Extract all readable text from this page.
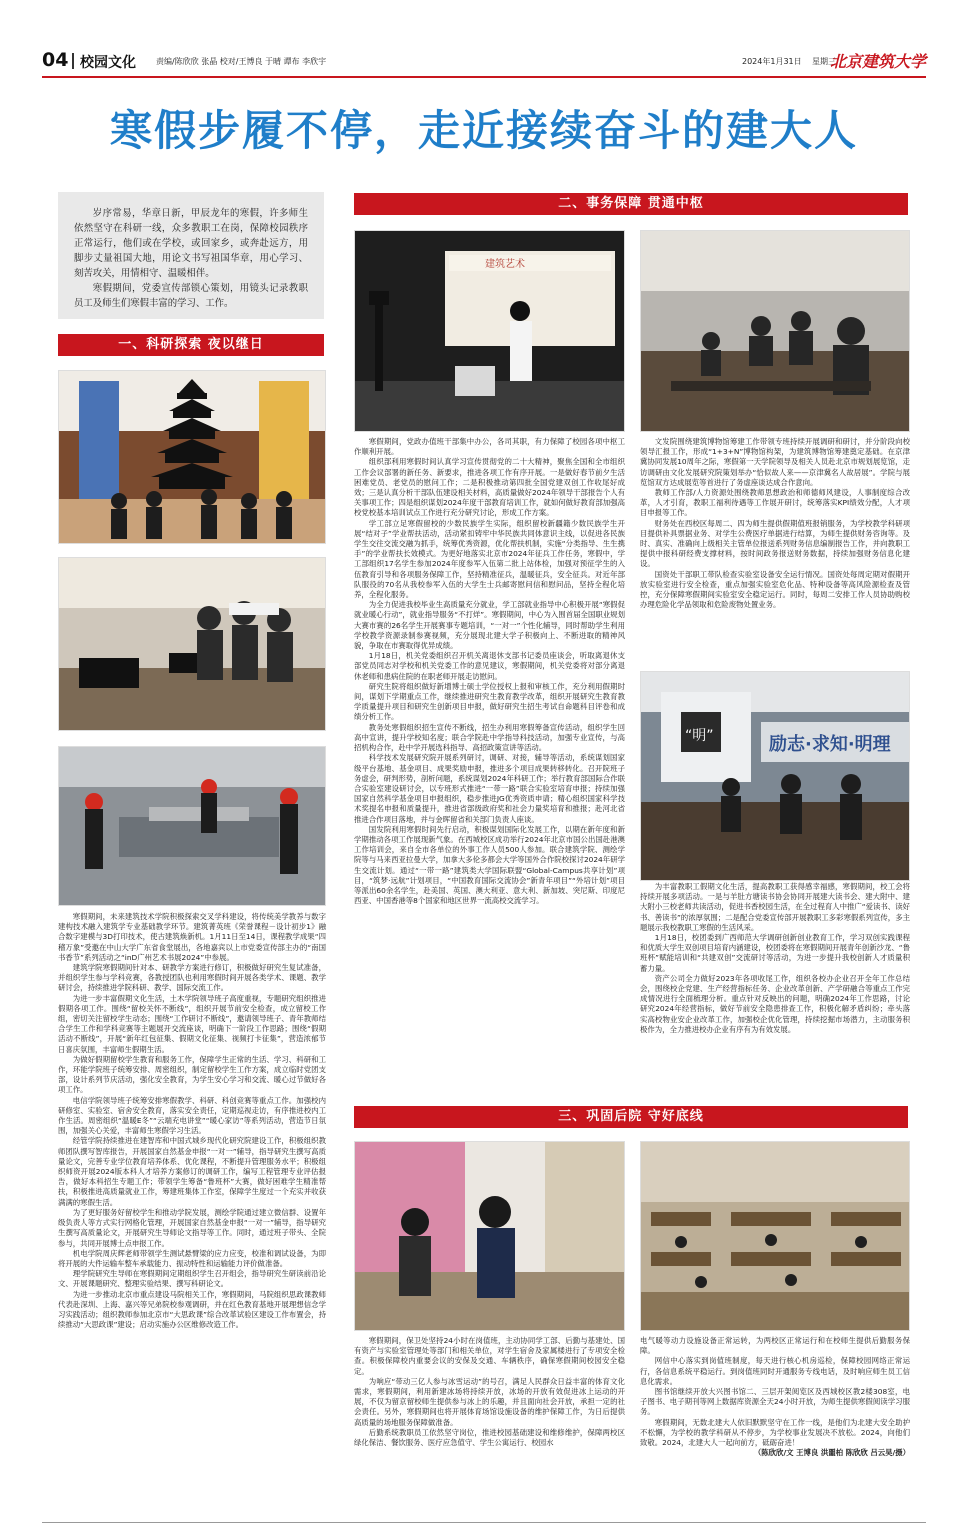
04 校园文化	责编/陈欣欣 张晶 校对/王博良 于晴 谭布 李欣宇	2024年1月31日 星期三
北京建筑大学
寒假步履不停，走近接续奋斗的建大人

岁序常易，华章日新，甲辰龙年的寒假，许多师生依然坚守在科研一线，众多教职工在岗，保障校园秩序正常运行，他们或在学校，或回家乡，或奔赴远方，用脚步丈量祖国大地，用论文书写祖国华章，用心学习、刻苦攻关，用情相守、温暖相伴。

寒假期间，党委宣传部锁心策划，用镜头记录教职员工及师生们寒假丰富的学习、工作。

一、科研探索 夜以继日

寒假期间，未来建筑技术学院积极探索交叉学科建设，将传统美学教养与数字建构技术融入建筑学专业基础教学环节。建筑菁英班《荣誉课程－设计初步1》融合数字建模与3D打印技术，使古建筑焕新机。1月11日至14日，课程教学成果“四稽万象”受邀在中山大学广东省食堂展出，各地嘉宾以上市党委宣传部主办的“南国书香节”系列活动之“inD广州艺术书展2024”中参展。

建筑学院寒假期间针对本、研教学方案进行修订，积极做好研究生复试准备，并组织学生参与学科竞赛，各教授团队也利用寒假时间开展各类学术、课题、教学研讨会，持续推进学院科研、教学、国际交流工作。

为进一步丰富假期文化生活，土木学院领导班子高度重视，专题研究组织推进假期各项工作。围绕“留校关怀不断线”，组织开展节前安全检查，成立留校工作组，密切关注留校学生动态；围绕“工作研讨不断线”，邀请领导班子、青年教师结合学生工作和学科竞赛等主题展开交流座谈，明确下一阶段工作思路；围绕“假期活动不断线”，开展“新年红包征集、假期文化征集、视频打卡征集”，营造浓郁节日喜庆氛围，丰富师生假期生活。

为做好假期留校学生教育和服务工作，保障学生正常的生活、学习、科研和工作，环能学院班子统筹安排、周密组织，制定留校学生工作方案，成立临时党团支部，设计系列节庆活动，强化安全教育，为学生安心学习和交流、暖心过节做好各项工作。

电信学院领导班子统筹安排寒假教学、科研、科创竞赛等重点工作。加强校内研修室、实验室、宿舍安全教育，落实安全责任，定期巡视走访，有序推进校内工作生活。周密组织“温暖E冬”“云端充电讲堂”“暖心家访”等系列活动，营造节日氛围，加强关心关爱，丰富师生寒假学习生活。

经管学院持续推进在建智库和中国式城乡现代化研究院建设工作，积极组织教师团队撰写智库报告，开展国家自然基金申报“一对一”辅导，指导研究生撰写高质量论文，完善专业学位教育培养体系、优化课程，不断提升管理服务水平；积极组织师资开展2024版本科人才培养方案修订的调研工作，编写工程管理专业评估报告，做好本科招生专题工作；带领学生筹备“鲁班杯”大赛，做好困难学生精准帮扶，积极推进高质量就业工作，筹建班集体工作室，保障学生度过一个充实并收获满满的寒假生活。

为了更好服务好留校学生和推动学院发展，测绘学院通过建立微信群、设置年级负责人等方式实行网格化管理，开展国家自然基金申报“一对一”辅导，指导研究生撰写高质量论文，开展研究生导师论文指导等工作。同时，通过班子带头、全院参与，共同开展博士点申报工作。

机电学院周庆辉老师带领学生测试悬臂梁的应力应变，校准和调试设备，为即将开展的大件运输车整车承载能力、振动特性和运输能力评价做准备。

理学院研究生导师在寒假期间定期组织学生召开组会，指导研究生研读前沿论文、开展课题研究、整理实验结果、撰写科研论文。

为进一步推动北京市重点建设马院相关工作，寒假期间，马院组织思政课教师代表赴深圳、上海、嘉兴等兄弟院校参观调研，并在红色教育基地开展理想信念学习实践活动；组织教师参加北京市“大思政课”综合改革试验区建设工作布置会，持续推动“大思政课”建设；启动实施办公区维修改造工作。

二、事务保障 贯通中枢
建筑艺术

寒假期间，党政办值班干部集中办公，各司其职，有力保障了校园各项中枢工作顺利开展。

组织部利用寒假时间认真学习宣传贯彻党的二十大精神，聚焦全国和全市组织工作会议部署的新任务、新要求，推进各项工作有序开展。一是做好春节前夕生活困难党员、老党员的慰问工作；二是积极推动第四批全国党建双创工作收尾好成效；三是认真分析干部队伍建设相关材料，高质量做好2024年领导干部报告个人有关事项工作；四是组织谋划2024年度干部教育培训工作，就如何做好教育部加强高校党校基本培训试点工作进行充分研究讨论，形成工作方案。

学工部立足寒假留校的少数民族学生实际，组织留校新疆籍少数民族学生开展“结对子”学业帮扶活动，活动紧扣铸牢中华民族共同体意识主线，以促进各民族学生交往交流交融为抓手，统筹优秀资源，优化帮扶机制，实施“分类指导、生生携手”的学业帮扶长效模式。为更好地落实北京市2024年征兵工作任务，寒假中，学工部组织17名学生参加2024年度参军入伍第二批上站体检，加强对预征学生的入伍教育引导和各项服务保障工作，坚持精准征兵，温暖征兵，安全征兵。对近年部队服役的70名从我校参军入伍的大学生士兵邮寄慰问信和慰问品，坚持全程化培养，全程化服务。

为全力促进我校毕业生高质量充分就业，学工部就业指导中心积极开展“寒假促就业暖心行动”，就业指导服务“不打烊”。寒假期间，中心为入围首届全国职业规划大赛市赛的26名学生开展赛事专题培训，“一对一”个性化辅导，同时帮助学生利用学校教学资源录制参赛视频，充分展现北建大学子积极向上、不断进取的精神风貌，争取在市赛取得优异成绩。

1月18日，机关党委组织召开机关离退休支部书记委员座谈会，听取离退休支部党员同志对学校和机关党委工作的意见建议，寒假期间，机关党委将对部分离退休老师和患病住院的在职老师开展走访慰问。

研究生院将组织做好新增博士硕士学位授权上报和审核工作，充分利用假期时间，谋划下学期重点工作，继续推进研究生教育教学改革，组织开展研究生教育教学质量提升项目和研究生创新项目申报，做好研究生招生考试自命题科目评卷和成绩分析工作。

教务处寒假组织招生宣传不断线，招生办利用寒假筹备宣传活动，组织学生回高中宣讲，提升学校知名度；联合学院赴中学指导科技活动，加强专业宣传，与高招机构合作，赴中学开展选科指导、高招政策宣讲等活动。

科学技术发展研究院开展系列研讨，调研、对接，辅导等活动，系统谋划国家级平台基地、基金项目、成果奖励申报，推进多个项目成果转移转化。召开院班子务虚会，研判形势，剖析问题，系统谋划2024年科研工作；举行教育部国际合作联合实验室建设研讨会，以专班形式推进“一带一路”联合实验室培育申报；持续加强国家自然科学基金项目申报组织，稳步推进JG优秀资质申请；精心组织国家科学技术奖提名申报和质量提升，推进省部级政府奖和社会力量奖培育和推报；赴河北省推进合作项目落地，并与金晖留省和关部门负责人座谈。

国发院利用寒假时间先行启动，积极谋划国际化发展工作，以期在新年度和新学期推动各项工作展现新气象。在西城校区成功举行2024年北京市国公出国赴港澳工作培训会，来自全市各单位的外事工作人员500人参加。联合建筑学院、测绘学院等与马来西亚拉曼大学，加拿大多伦多都会大学等国外合作院校探讨2024年研学生交流计划。通过“一带一路”建筑类大学国际联盟“Global-Campus共享计划”项目，“筑梦·远航”计划项目，“中国教育国际交流协会”新青年项目”“外培计划”项目等派出60余名学生，赴美国、英国、澳大利亚、意大利、新加坡、突尼斯、印度尼西亚、中国香港等8个国家和地区世界一流高校交流学习。

文发院围绕建筑博物馆筹建工作带领专班持续开展调研和研讨，并分阶段向校领导汇报工作，形成“1+3+N”博物馆构架，为建筑博物馆筹建奠定基础。在京津冀协同发展10周年之际，寒假第一天学院领导及相关人员赴北京市规划展览馆，走访调研由文化发展研究院策划举办“恰似故人来——京津冀名人故居展”。学院与展览馆双方达成展览等首进行了务虚座谈达成合作意向。

教师工作部/人力资源处围绕教师思想政治和师德师风建设，人事制度综合改革，人才引育，教职工福利待遇等工作展开研讨，统筹落实KPI绩效分配，人才项目申报等工作。

财务处在西校区每周二、四为师生提供假期值班报销服务，为学校教学科研项目提供补具票据业务、对学生公费医疗单据进行结算，为师生提供财务咨询等。及时、真实、准确向上级相关主管单位报送系列财务信息编制报告工作，并向教职工提供中报科研经费支撑材料，按时间政务报送财务数据，持续加强财务信息化建设。

国资处干部职工带队检查实验室设备安全运行情况。国资处每周定期对假期开放实验室进行安全检查，重点加强实验室危化品、特种设备等高风险源检查及管控，充分保障寒假期间实验室安全稳定运行。同时，每周二安排工作人员协助购校办理危险化学品领取和危险废物处置业务。

“明”	励志·求知·明理

为丰富教职工假期文化生活，提高教职工获得感幸福感，寒假期间，校工会将持续开展多项活动。一是与羊肚方塘读书协会协同开展建大读书会、建大附中、建大附小三校老师共读活动，促进书香校园生活，在全过程育人中推广“爱读书、读好书、善读书”的浓厚氛围；二是配合党委宣传部开展教职工多彩寒假系列宣传，多主题展示我校教职工寒假的生活风采。

1月18日，校团委到广西师范大学调研创新创业教育工作，学习双创实践课程和优质大学生双创项目培育内涵建设，校团委将在寒假期间开展青年创新沙龙、“鲁班杯”赋能培训和“共建双创”交流研讨等活动，为进一步提升我校创新人才质量积蓄力量。

资产公司全力做好2023年各项收尾工作，组织各校办企业召开全年工作总结会，围绕校企党建、生产经营指标任务、企业改革创新、产学研融合等重点工作完成情况进行全面梳理分析。重点针对反映出的问题，明确2024年工作思路，讨论研究2024年经营指标，做好节前安全隐患排查工作，积极化解矛盾纠纷；牵头落实高校物业安企业改革工作，加强校企优化管理，持续挖掘市场潜力，主动服务积极作为，全力推进校办企业有序有为有效发展。

三、巩固后院 守好底线

寒假期间，保卫处坚持24小时在岗值班，主动协同学工部、后勤与基建处、国有资产与实验室管理处等部门和相关单位，对学生宿舍及家属楼进行了专项安全检查。积极保障校内重要会议的安保及交通、车辆秩序，确保寒假期间校园安全稳定。

为响应“带动三亿人参与冰雪运动”的号召，满足人民群众日益丰富的体育文化需求，寒假期间，利用新建冰场将持续开放，冰场的开放有效促进冰上运动的开展，不仅为留京留校师生提供参与冰上的乐趣，并且面向社会开放，承担一定的社会责任。另外，寒假期间也将开展体育场馆设施设备的维护保障工作，为日后提供高质量的场地服务保障做准备。

后勤系统教职员工依然坚守岗位，推进校园基础建设和维修维护，保障两校区绿化保洁、餐饮服务、医疗应急值守、学生公寓运行、校园水

电气暖等动力设施设备正常运转，为两校区正常运行和在校师生提供后勤服务保障。

网信中心落实到岗值班制度，每天进行核心机房巡检，保障校园网络正常运行，各信息系统平稳运行。到岗值班同时开通服务专线电话，及时响应师生员工信息化需求。

图书馆继续开放大兴图书馆二、三层开架阅览区及西城校区教2楼308室，电子图书、电子期刊等网上数据库资源全天24小时开放，为师生提供寒假阅读学习服务。

寒假期间，无数北建大人依旧默默坚守在工作一线，是他们为北建大安全助护不松懈，为学校的教学科研从不停步，为学校事业发展决不放松。2024，向他们致敬。2024，北建大人一起向前方，砥砺奋进！

（陈欣欣/文 王博良 洪噩柏 陈欣欣 吕云昊/摄）
